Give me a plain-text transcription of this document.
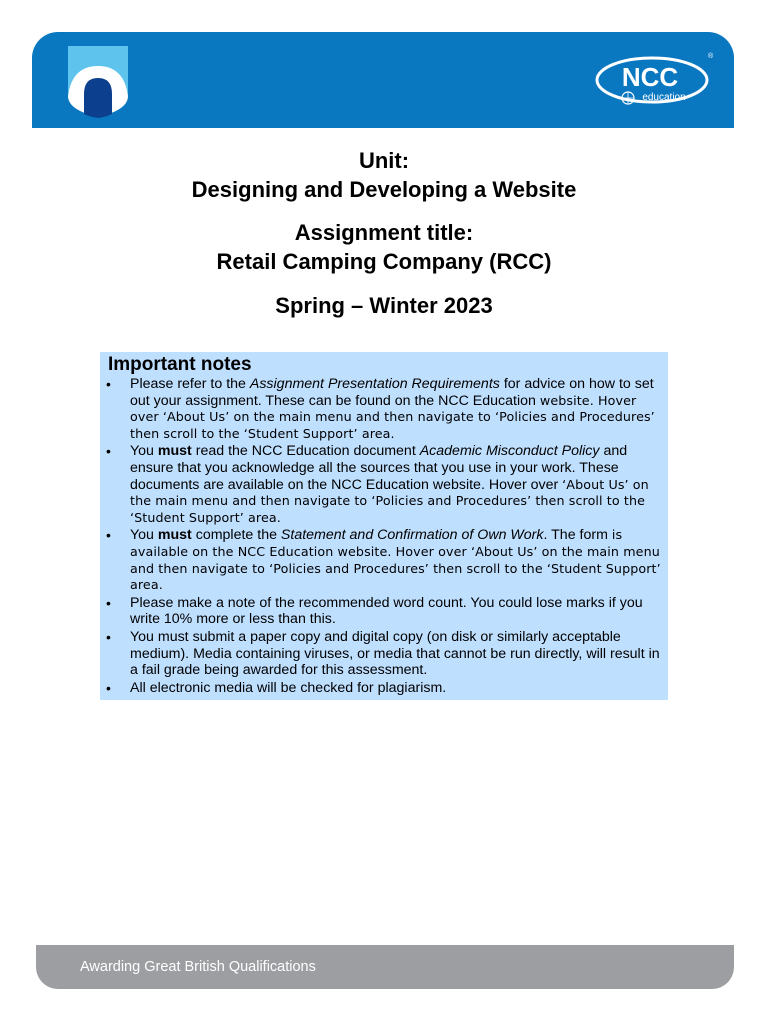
NCC
education
®
Unit:
Designing and Developing a Website
Assignment title:
Retail Camping Company (RCC)
Spring – Winter 2023
Important notes
• Please refer to the Assignment Presentation Requirements for advice on how to set out your assignment. These can be found on the NCC Education website. Hover over ‘About Us’ on the main menu and then navigate to ‘Policies and Procedures’ then scroll to the ‘Student Support’ area.
• You must read the NCC Education document Academic Misconduct Policy and ensure that you acknowledge all the sources that you use in your work. These documents are available on the NCC Education website. Hover over ‘About Us’ on the main menu and then navigate to ‘Policies and Procedures’ then scroll to the ‘Student Support’ area.
• You must complete the Statement and Confirmation of Own Work. The form is available on the NCC Education website. Hover over ‘About Us’ on the main menu and then navigate to ‘Policies and Procedures’ then scroll to the ‘Student Support’ area.
• Please make a note of the recommended word count. You could lose marks if you write 10% more or less than this.
• You must submit a paper copy and digital copy (on disk or similarly acceptable medium). Media containing viruses, or media that cannot be run directly, will result in a fail grade being awarded for this assessment.
• All electronic media will be checked for plagiarism.
Awarding Great British Qualifications
